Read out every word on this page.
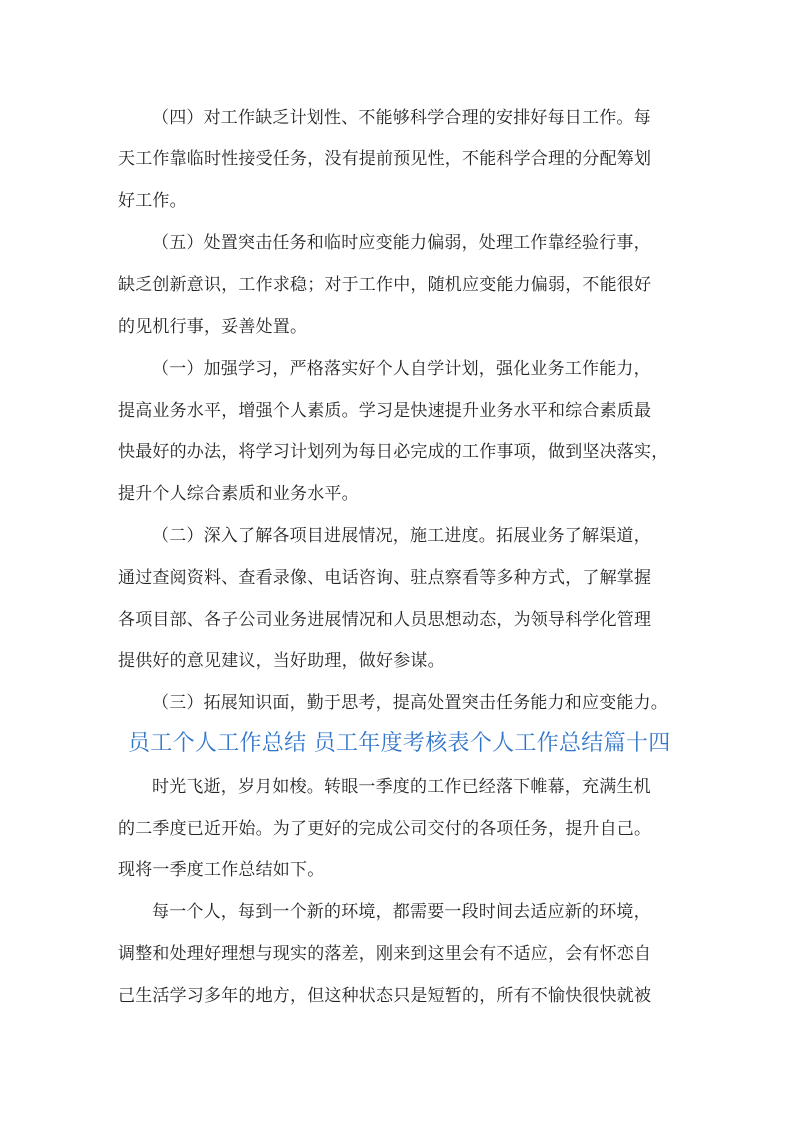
（四）对工作缺乏计划性、不能够科学合理的安排好每日工作。每
天工作靠临时性接受任务，没有提前预见性，不能科学合理的分配筹划
好工作。
（五）处置突击任务和临时应变能力偏弱，处理工作靠经验行事，
缺乏创新意识，工作求稳；对于工作中，随机应变能力偏弱，不能很好
的见机行事，妥善处置。
（一）加强学习，严格落实好个人自学计划，强化业务工作能力，
提高业务水平，增强个人素质。学习是快速提升业务水平和综合素质最
快最好的办法，将学习计划列为每日必完成的工作事项，做到坚决落实，
提升个人综合素质和业务水平。
（二）深入了解各项目进展情况，施工进度。拓展业务了解渠道，
通过查阅资料、查看录像、电话咨询、驻点察看等多种方式，了解掌握
各项目部、各子公司业务进展情况和人员思想动态，为领导科学化管理
提供好的意见建议，当好助理，做好参谋。
（三）拓展知识面，勤于思考，提高处置突击任务能力和应变能力。
员工个人工作总结 员工年度考核表个人工作总结篇十四
时光飞逝，岁月如梭。转眼一季度的工作已经落下帷幕，充满生机
的二季度已近开始。为了更好的完成公司交付的各项任务，提升自己。
现将一季度工作总结如下。
每一个人，每到一个新的环境，都需要一段时间去适应新的环境，
调整和处理好理想与现实的落差，刚来到这里会有不适应，会有怀恋自
己生活学习多年的地方，但这种状态只是短暂的，所有不愉快很快就被
